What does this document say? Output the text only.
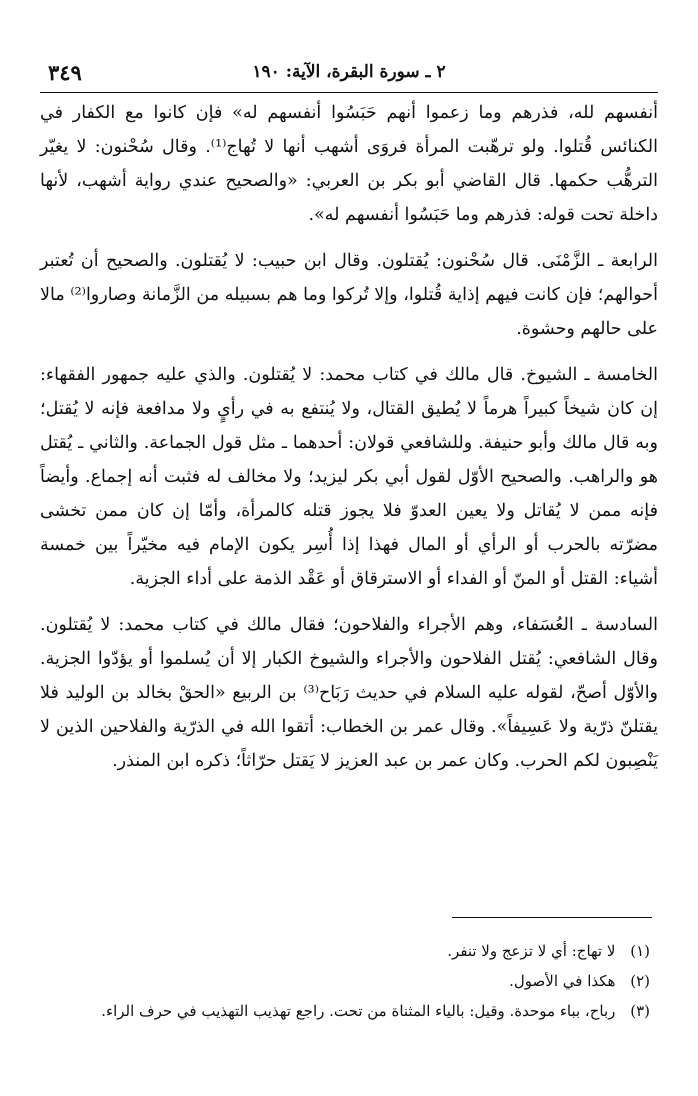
٣٤٩	٢ ـ سورة البقرة، الآية: ١٩٠

أنفسهم لله، فذرهم وما زعموا أنهم حَبَسُوا أنفسهم له» فإن كانوا مع الكفار في الكنائس قُتلوا. ولو ترهّبت المرأة فروَى أشهب أنها لا تُهاج⁽¹⁾. وقال سُحْنون: لا يغيّر الترهُّب حكمها. قال القاضي أبو بكر بن العربي: «والصحيح عندي رواية أشهب، لأنها داخلة تحت قوله: فذرهم وما حَبَسُوا أنفسهم له».

الرابعة ـ الزَّمْنَى. قال سُحْنون: يُقتلون. وقال ابن حبيب: لا يُقتلون. والصحيح أن تُعتبر أحوالهم؛ فإن كانت فيهم إذاية قُتلوا، وإلا تُركوا وما هم بسبيله من الزَّمانة وصاروا⁽²⁾ مالا على حالهم وحشوة.

الخامسة ـ الشيوخ. قال مالك في كتاب محمد: لا يُقتلون. والذي عليه جمهور الفقهاء: إن كان شيخاً كبيراً هرماً لا يُطيق القتال، ولا يُنتفع به في رأيٍ ولا مدافعة فإنه لا يُقتل؛ وبه قال مالك وأبو حنيفة. وللشافعي قولان: أحدهما ـ مثل قول الجماعة. والثاني ـ يُقتل هو والراهب. والصحيح الأوّل لقول أبي بكر ليزيد؛ ولا مخالف له فثبت أنه إجماع. وأيضاً فإنه ممن لا يُقاتل ولا يعين العدوّ فلا يجوز قتله كالمرأة، وأمّا إن كان ممن تخشى مضرّته بالحرب أو الرأي أو المال فهذا إذا أُسِر يكون الإمام فيه مخيّراً بين خمسة أشياء: القتل أو المنّ أو الفداء أو الاسترقاق أو عَقْد الذمة على أداء الجزية.

السادسة ـ العُسَفاء، وهم الأجراء والفلاحون؛ فقال مالك في كتاب محمد: لا يُقتلون. وقال الشافعي: يُقتل الفلاحون والأجراء والشيوخ الكبار إلا أن يُسلموا أو يؤدّوا الجزية. والأوّل أصحّ، لقوله عليه السلام في حديث رَبَاح⁽³⁾ بن الربيع «الحقْ بخالد بن الوليد فلا يقتلنّ ذرّية ولا عَسِيفاً». وقال عمر بن الخطاب: أتقوا الله في الذرّية والفلاحين الذين لا يَنْصِبون لكم الحرب. وكان عمر بن عبد العزيز لا يَقتل حرّاثاً؛ ذكره ابن المنذر.

(١) لا تهاج: أي لا تزعج ولا تنفر.
(٢) هكذا في الأصول.
(٣) رباح، بباء موحدة. وقيل: بالياء المثناة من تحت. راجع تهذيب التهذيب في حرف الراء.
